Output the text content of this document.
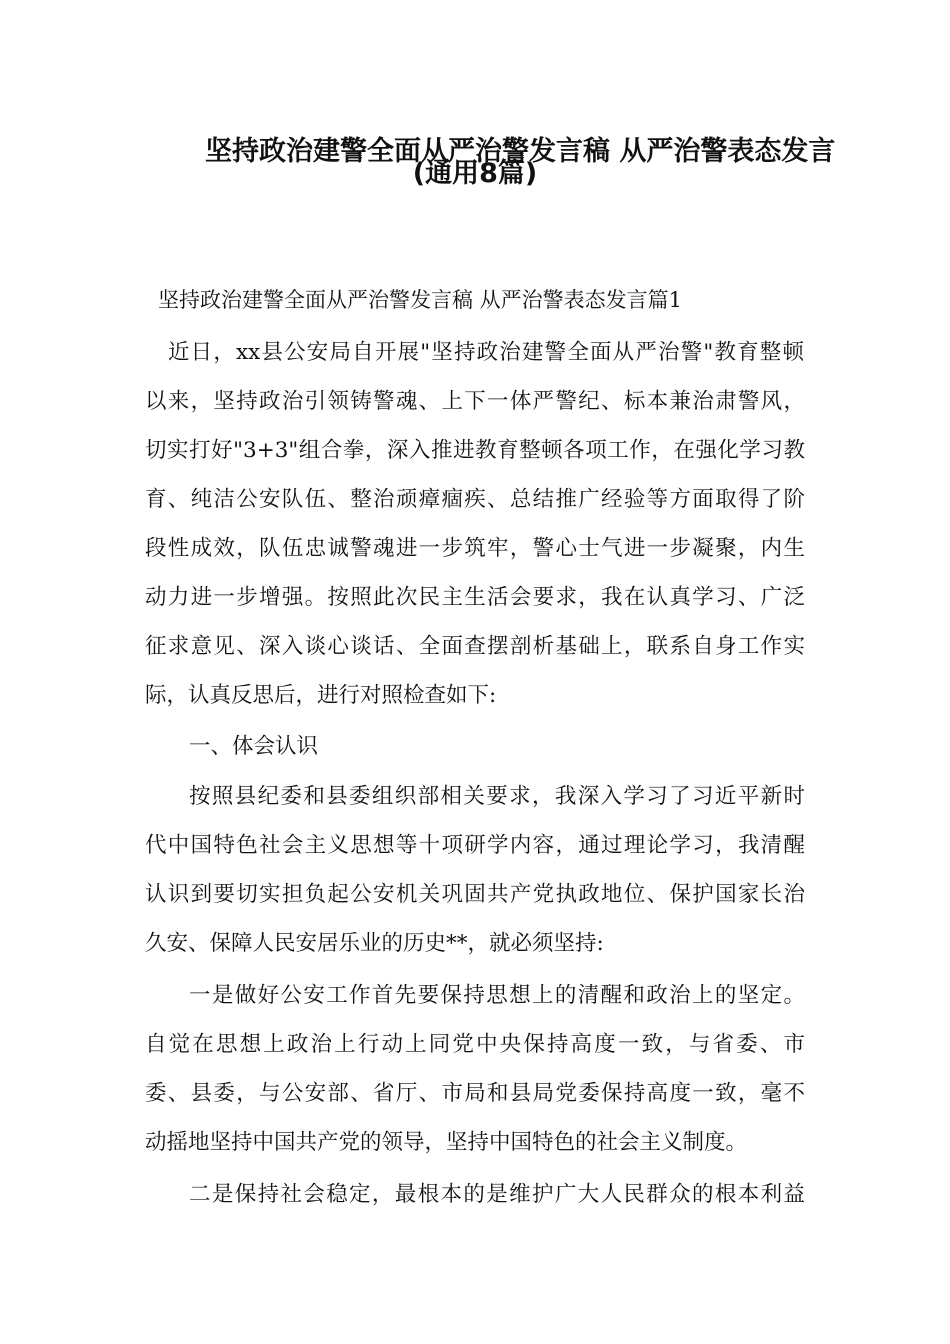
坚持政治建警全面从严治警发言稿 从严治警表态发言
(通用8篇)
坚持政治建警全面从严治警发言稿 从严治警表态发言篇1
近日，xx县公安局自开展"坚持政治建警全面从严治警"教育整顿
以来，坚持政治引领铸警魂、上下一体严警纪、标本兼治肃警风，
切实打好"3+3"组合拳，深入推进教育整顿各项工作，在强化学习教
育、纯洁公安队伍、整治顽瘴痼疾、总结推广经验等方面取得了阶
段性成效，队伍忠诚警魂进一步筑牢，警心士气进一步凝聚，内生
动力进一步增强。按照此次民主生活会要求，我在认真学习、广泛
征求意见、深入谈心谈话、全面查摆剖析基础上，联系自身工作实
际，认真反思后，进行对照检查如下:
一、体会认识
按照县纪委和县委组织部相关要求，我深入学习了习近平新时
代中国特色社会主义思想等十项研学内容，通过理论学习，我清醒
认识到要切实担负起公安机关巩固共产党执政地位、保护国家长治
久安、保障人民安居乐业的历史**，就必须坚持:
一是做好公安工作首先要保持思想上的清醒和政治上的坚定。
自觉在思想上政治上行动上同党中央保持高度一致，与省委、市
委、县委，与公安部、省厅、市局和县局党委保持高度一致，毫不
动摇地坚持中国共产党的领导，坚持中国特色的社会主义制度。
二是保持社会稳定，最根本的是维护广大人民群众的根本利益
